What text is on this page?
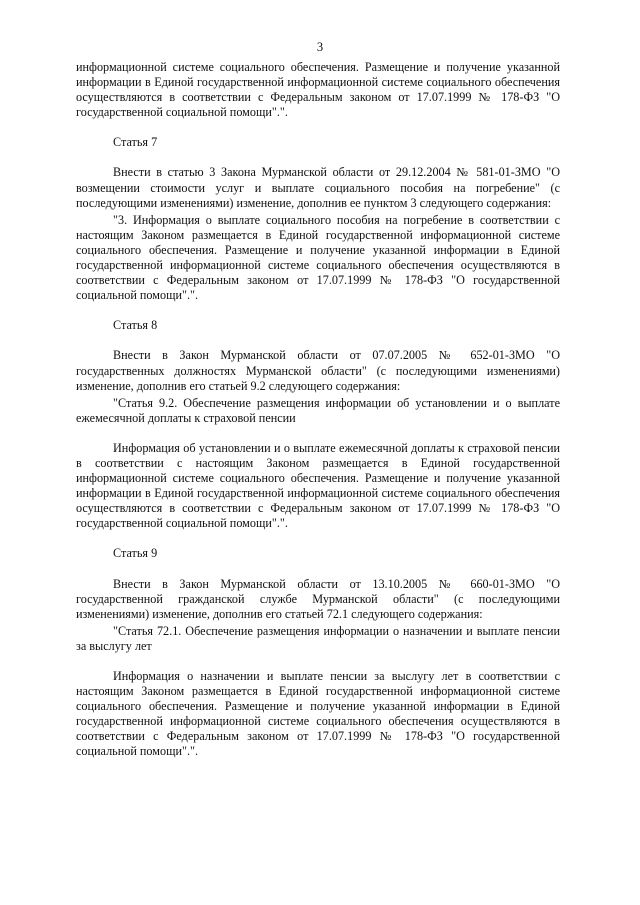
3

информационной системе социального обеспечения. Размещение и получение указанной информации в Единой государственной информационной системе социального обеспечения осуществляются в соответствии с Федеральным законом от 17.07.1999 № 178-ФЗ "О государственной социальной помощи".".

Статья 7

Внести в статью 3 Закона Мурманской области от 29.12.2004 № 581-01-ЗМО "О возмещении стоимости услуг и выплате социального пособия на погребение" (с последующими изменениями) изменение, дополнив ее пунктом 3 следующего содержания:

"3. Информация о выплате социального пособия на погребение в соответствии с настоящим Законом размещается в Единой государственной информационной системе социального обеспечения. Размещение и получение указанной информации в Единой государственной информационной системе социального обеспечения осуществляются в соответствии с Федеральным законом от 17.07.1999 № 178-ФЗ "О государственной социальной помощи".".

Статья 8

Внести в Закон Мурманской области от 07.07.2005 № 652-01-ЗМО "О государственных должностях Мурманской области" (с последующими изменениями) изменение, дополнив его статьей 9.2 следующего содержания:

"Статья 9.2. Обеспечение размещения информации об установлении и о выплате ежемесячной доплаты к страховой пенсии

Информация об установлении и о выплате ежемесячной доплаты к страховой пенсии в соответствии с настоящим Законом размещается в Единой государственной информационной системе социального обеспечения. Размещение и получение указанной информации в Единой государственной информационной системе социального обеспечения осуществляются в соответствии с Федеральным законом от 17.07.1999 № 178-ФЗ "О государственной социальной помощи".".

Статья 9

Внести в Закон Мурманской области от 13.10.2005 № 660-01-ЗМО "О государственной гражданской службе Мурманской области" (с последующими изменениями) изменение, дополнив его статьей 72.1 следующего содержания:

"Статья 72.1. Обеспечение размещения информации о назначении и выплате пенсии за выслугу лет

Информация о назначении и выплате пенсии за выслугу лет в соответствии с настоящим Законом размещается в Единой государственной информационной системе социального обеспечения. Размещение и получение указанной информации в Единой государственной информационной системе социального обеспечения осуществляются в соответствии с Федеральным законом от 17.07.1999 № 178-ФЗ "О государственной социальной помощи".".
